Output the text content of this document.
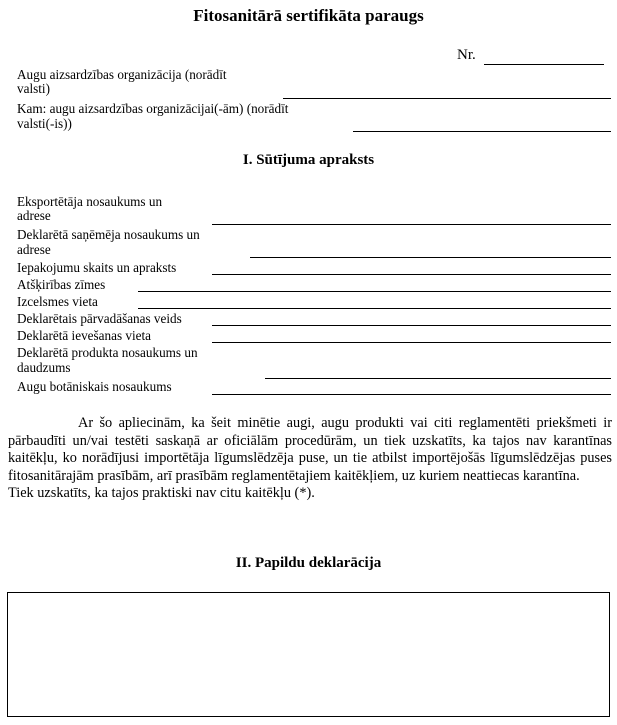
Fitosanitārā sertifikāta paraugs
Nr.
Augu aizsardzības organizācija (norādīt
valsti)
Kam: augu aizsardzības organizācijai(-ām) (norādīt
valsti(-is))
I. Sūtījuma apraksts
Eksportētāja nosaukums un
adrese
Deklarētā saņēmēja nosaukums un
adrese
Iepakojumu skaits un apraksts
Atšķirības zīmes
Izcelsmes vieta
Deklarētais pārvadāšanas veids
Deklarētā ievešanas vieta
Deklarētā produkta nosaukums un
daudzums
Augu botāniskais nosaukums

Ar šo apliecinām, ka šeit minētie augi, augu produkti vai citi reglamentēti priekšmeti ir pārbaudīti un/vai testēti saskaņā ar oficiālām procedūrām, un tiek uzskatīts, ka tajos nav karantīnas kaitēkļu, ko norādījusi importētāja līgumslēdzēja puse, un tie atbilst importējošās līgumslēdzējas puses fitosanitārajām prasībām, arī prasībām reglamentētajiem kaitēkļiem, uz kuriem neattiecas karantīna.

Tiek uzskatīts, ka tajos praktiski nav citu kaitēkļu (*).
II. Papildu deklarācija
